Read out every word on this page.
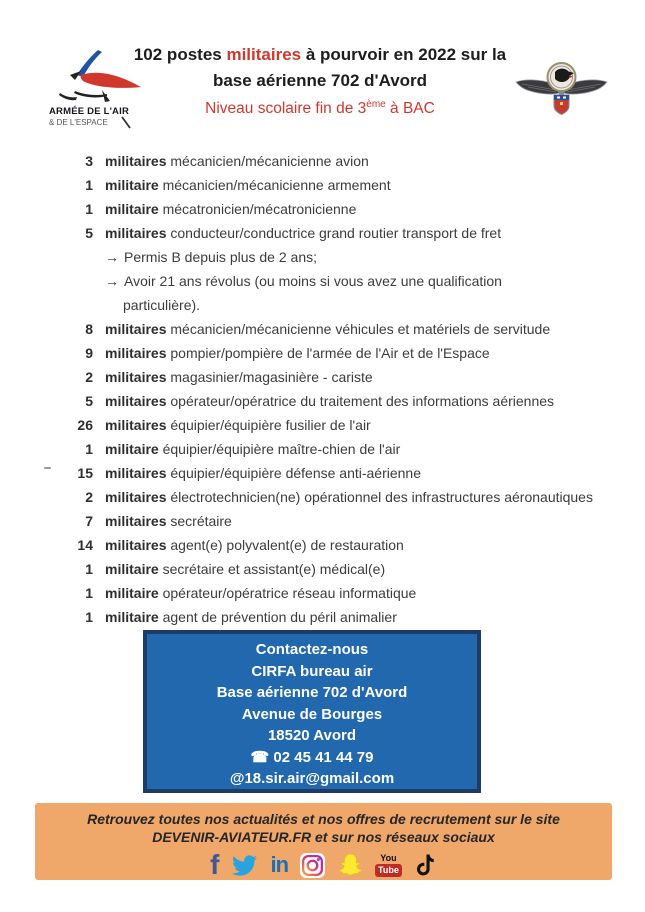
ARMÉE DE L'AIR
& DE L'ESPACE
102 postes militaires à pourvoir en 2022 sur la
base aérienne 702 d'Avord
Niveau scolaire fin de 3ème à BAC
3 militaires mécanicien/mécanicienne avion
1 militaire mécanicien/mécanicienne armement
1 militaire mécatronicien/mécatronicienne
5 militaires conducteur/conductrice grand routier transport de fret
→ Permis B depuis plus de 2 ans;
→ Avoir 21 ans révolus (ou moins si vous avez une qualification
particulière).
8 militaires mécanicien/mécanicienne véhicules et matériels de servitude
9 militaires pompier/pompière de l'armée de l'Air et de l'Espace
2 militaires magasinier/magasinière - cariste
5 militaires opérateur/opératrice du traitement des informations aériennes
26 militaires équipier/équipière fusilier de l'air
1 militaire équipier/équipière maître-chien de l'air
15 militaires équipier/équipière défense anti-aérienne
2 militaires électrotechnicien(ne) opérationnel des infrastructures aéronautiques
7 militaires secrétaire
14 militaires agent(e) polyvalent(e) de restauration
1 militaire secrétaire et assistant(e) médical(e)
1 militaire opérateur/opératrice réseau informatique
1 militaire agent de prévention du péril animalier
Contactez-nous
CIRFA bureau air
Base aérienne 702 d'Avord
Avenue de Bourges
18520 Avord
☎ 02 45 41 44 79
@18.sir.air@gmail.com
Retrouvez toutes nos actualités et nos offres de recrutement sur le site
DEVENIR-AVIATEUR.FR et sur nos réseaux sociaux
f in	You
Tube
